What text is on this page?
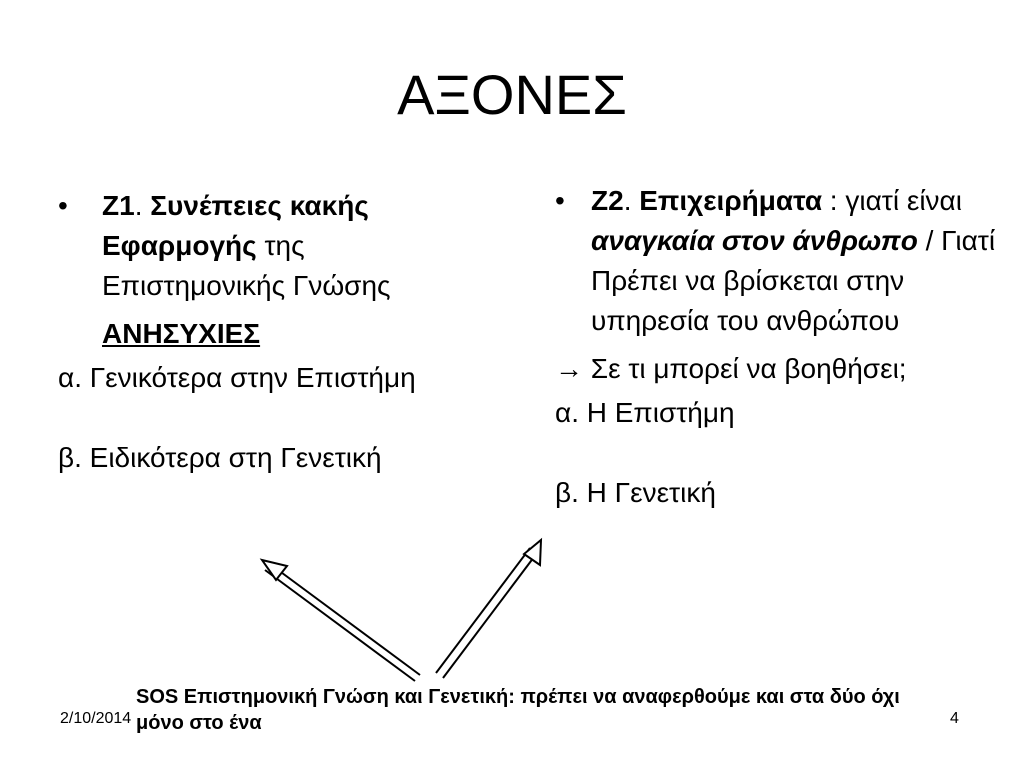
ΑΞΟΝΕΣ
•	Ζ1. Συνέπειες κακής Εφαρμογής της Επιστημονικής Γνώσης
ΑΝΗΣΥΧΙΕΣ
α. Γενικότερα στην Επιστήμη
β. Ειδικότερα στη Γενετική
• Ζ2. Επιχειρήματα : γιατί είναι αναγκαία στον άνθρωπο / Γιατί Πρέπει να βρίσκεται στην υπηρεσία του ανθρώπου
→ Σε τι μπορεί να βοηθήσει;
α. Η Επιστήμη
β. Η Γενετική
2/10/2014
SOS Επιστημονική Γνώση και Γενετική: πρέπει να αναφερθούμε και στα δύο όχι μόνο στο ένα	4
